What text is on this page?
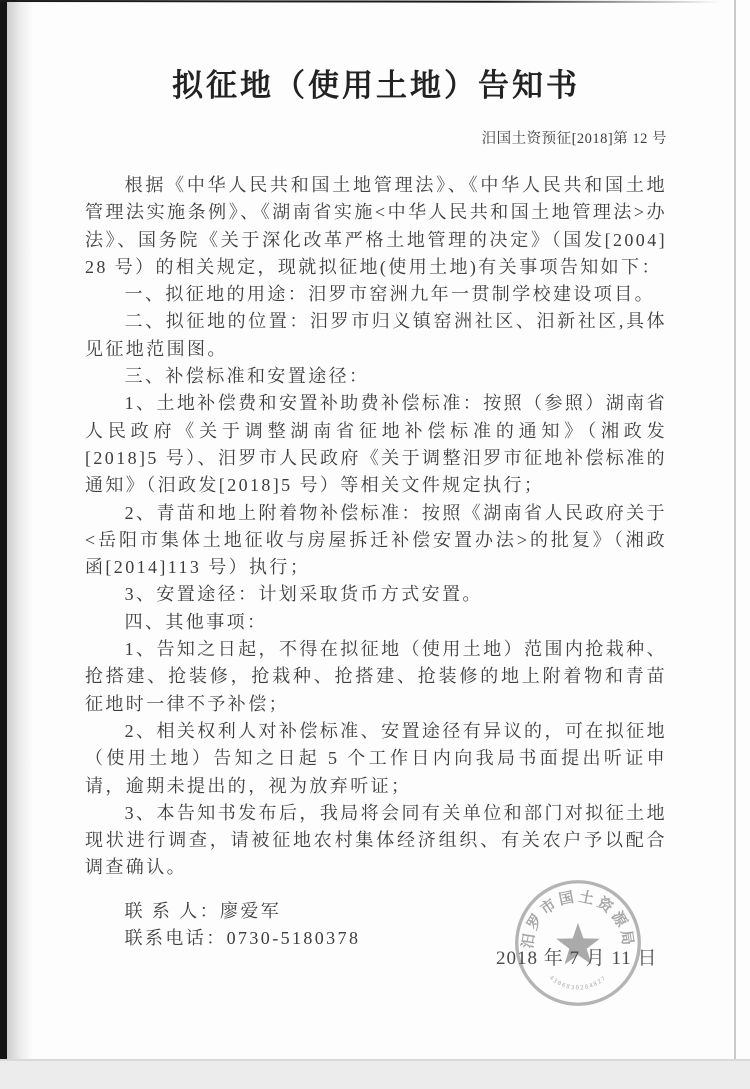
拟征地（使用土地）告知书
汨国土资预征[2018]第 12 号

根据《中华人民共和国土地管理法》、《中华人民共和国土地管理法实施条例》、《湖南省实施<中华人民共和国土地管理法>办法》、国务院《关于深化改革严格土地管理的决定》（国发[2004] 28 号）的相关规定，现就拟征地(使用土地)有关事项告知如下：

一、拟征地的用途：汨罗市窑洲九年一贯制学校建设项目。

二、拟征地的位置：汨罗市归义镇窑洲社区、汨新社区,具体见征地范围图。

三、补偿标准和安置途径：

1、土地补偿费和安置补助费补偿标准：按照（参照）湖南省人民政府《关于调整湖南省征地补偿标准的通知》（湘政发[2018]5 号）、汨罗市人民政府《关于调整汨罗市征地补偿标准的通知》（汨政发[2018]5 号）等相关文件规定执行；

2、青苗和地上附着物补偿标准：按照《湖南省人民政府关于<岳阳市集体土地征收与房屋拆迁补偿安置办法>的批复》（湘政函[2014]113 号）执行；

3、安置途径：计划采取货币方式安置。

四、其他事项：

1、告知之日起，不得在拟征地（使用土地）范围内抢栽种、抢搭建、抢装修，抢栽种、抢搭建、抢装修的地上附着物和青苗征地时一律不予补偿；

2、相关权利人对补偿标准、安置途径有异议的，可在拟征地（使用土地）告知之日起 5 个工作日内向我局书面提出听证申请，逾期未提出的，视为放弃听证；

3、本告知书发布后，我局将会同有关单位和部门对拟征土地现状进行调查，请被征地农村集体经济组织、有关农户予以配合调查确认。

联 系 人：廖爱军

联系电话：0730-5180378	汨罗市国土资源局
4306830284827
2018 年 7 月 11 日
